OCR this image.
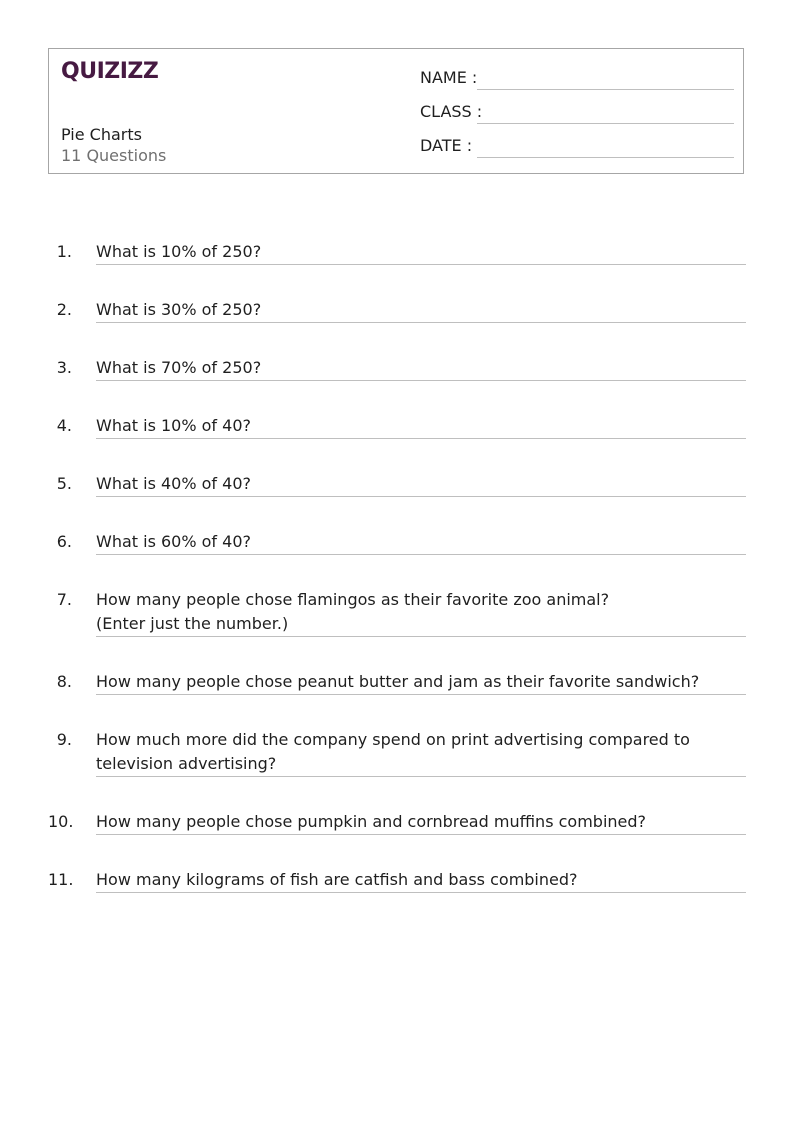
QUIZIZZ
Pie Charts
11 Questions
NAME :
CLASS :
DATE :
1. What is 10% of 250?
2. What is 30% of 250?
3. What is 70% of 250?
4. What is 10% of 40?
5. What is 40% of 40?
6. What is 60% of 40?
7. How many people chose flamingos as their favorite zoo animal?
(Enter just the number.)
8. How many people chose peanut butter and jam as their favorite sandwich?
9. How much more did the company spend on print advertising compared to television advertising?
10. How many people chose pumpkin and cornbread muffins combined?
11. How many kilograms of fish are catfish and bass combined?
